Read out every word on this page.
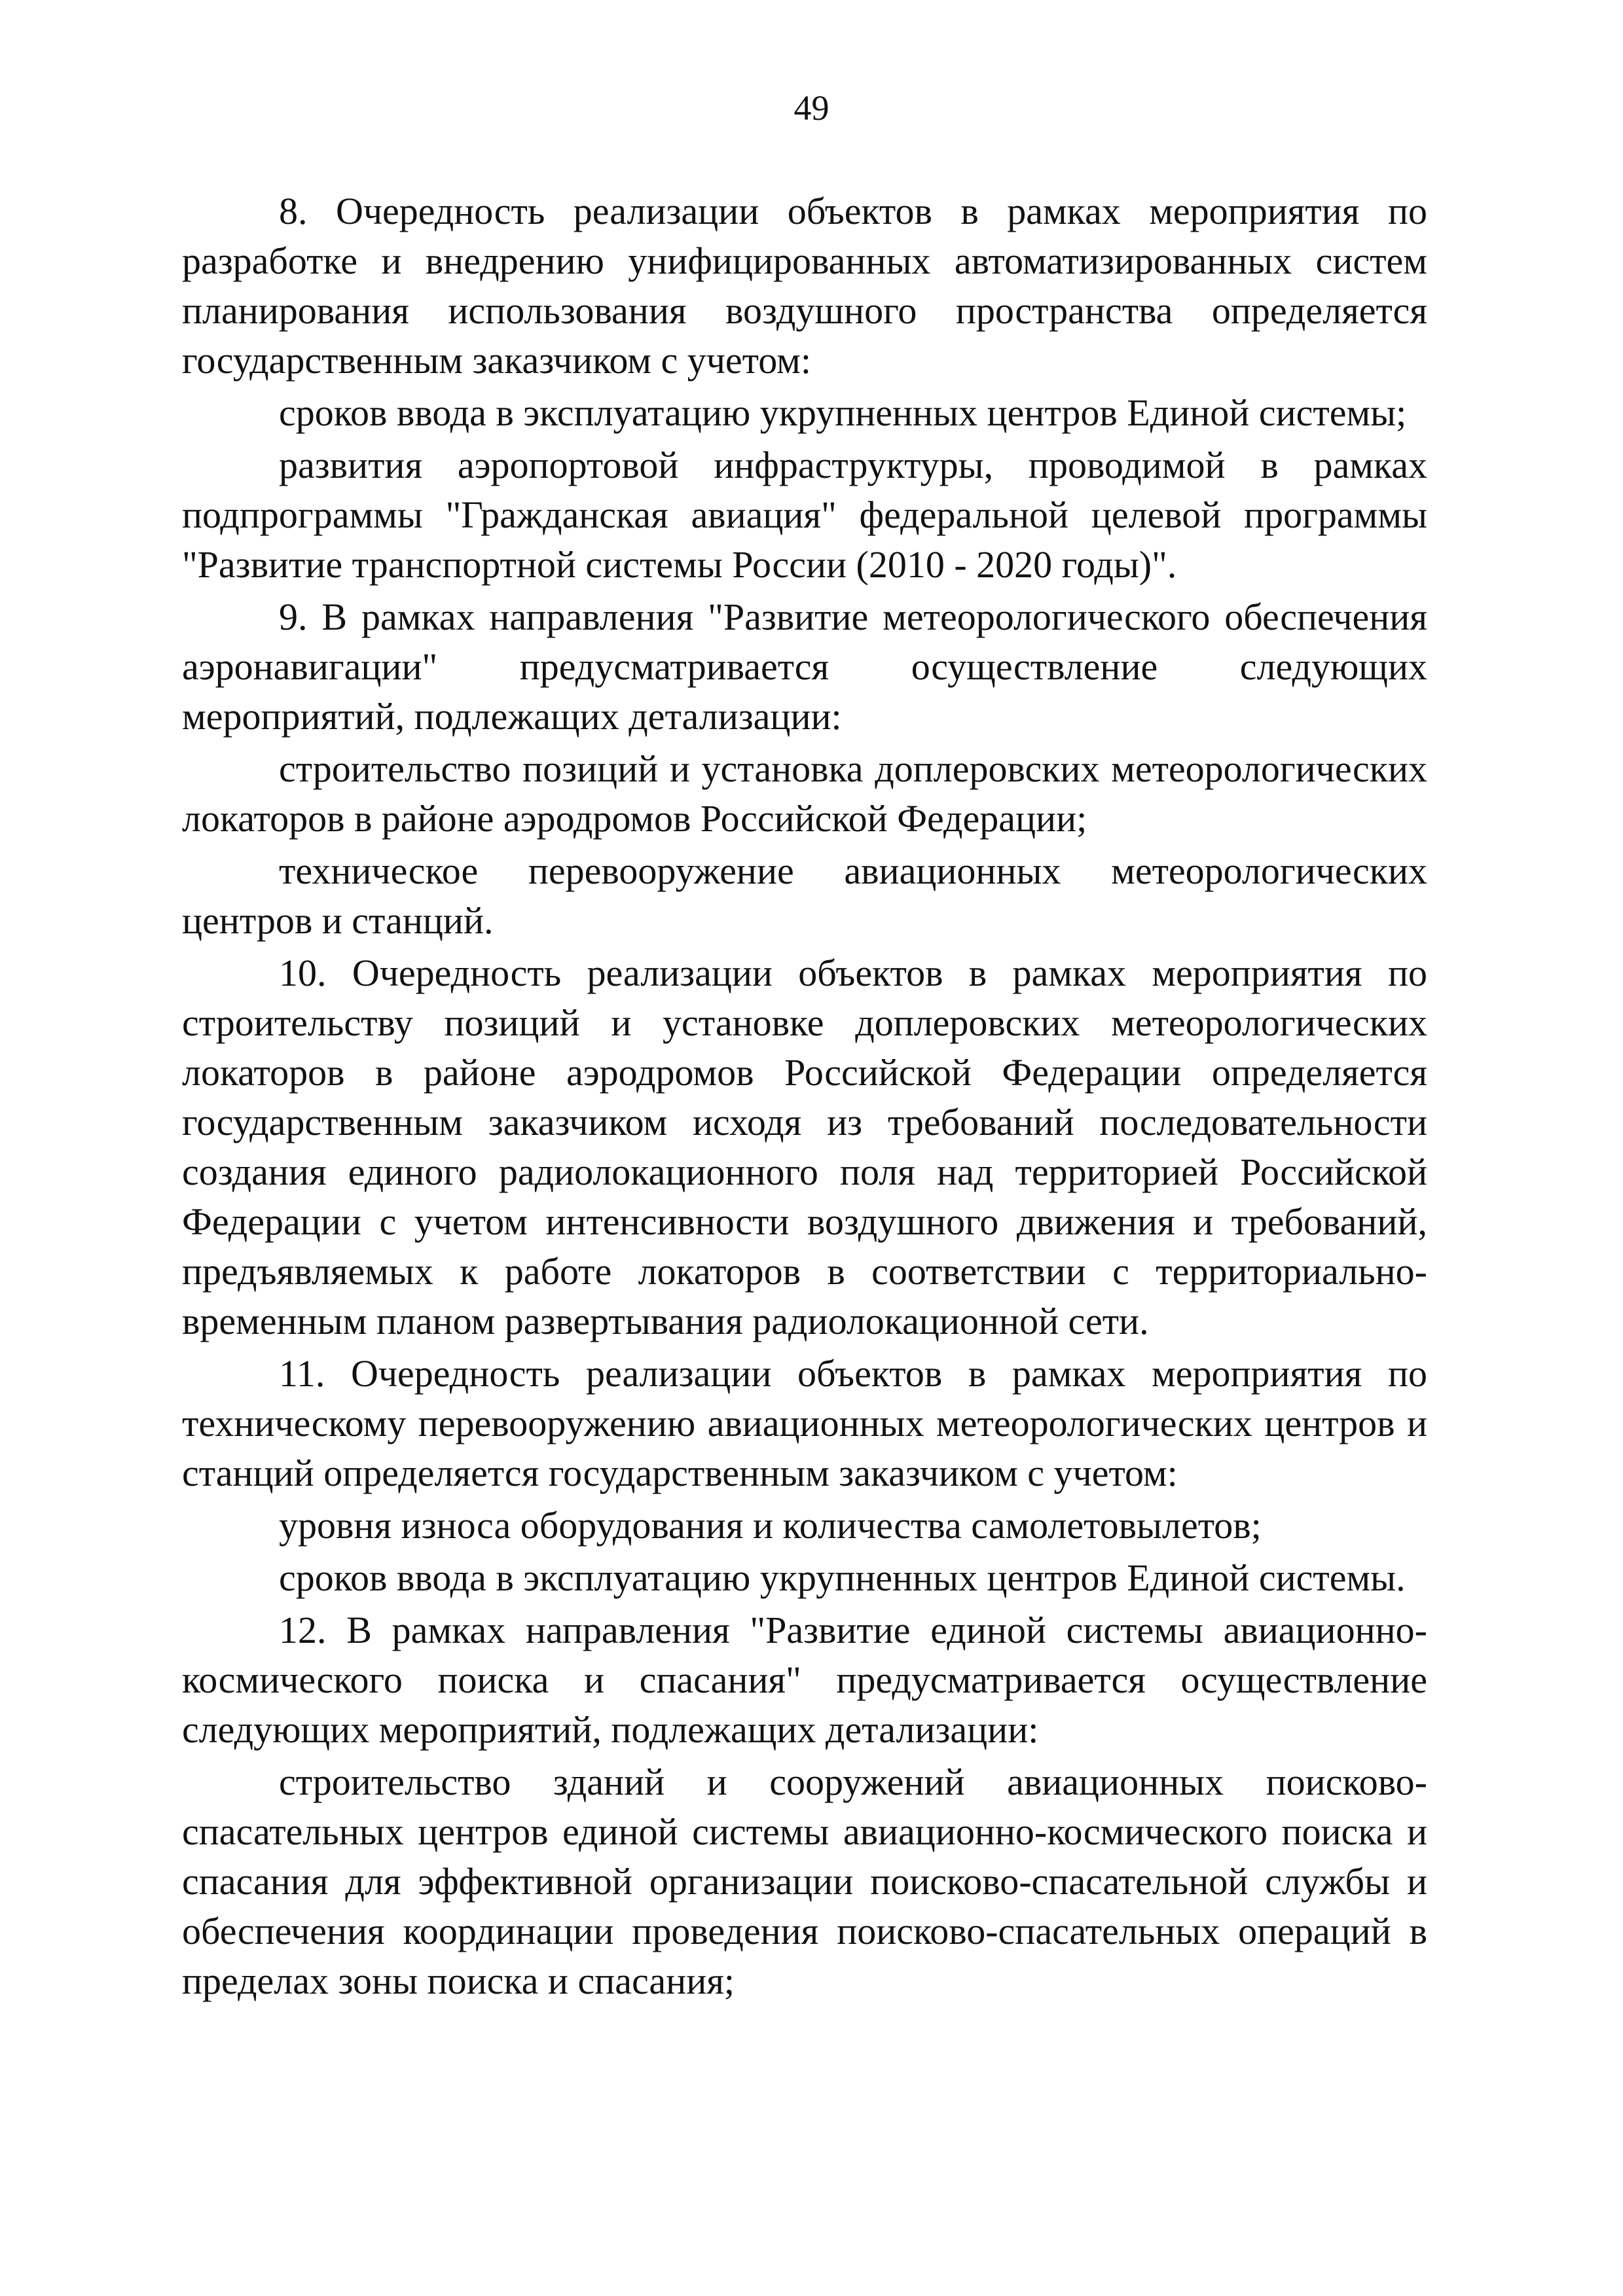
49

8. Очередность реализации объектов в рамках мероприятия по разработке и внедрению унифицированных автоматизированных систем планирования использования воздушного пространства определяется государственным заказчиком с учетом:

сроков ввода в эксплуатацию укрупненных центров Единой системы;

развития аэропортовой инфраструктуры, проводимой в рамках подпрограммы "Гражданская авиация" федеральной целевой программы "Развитие транспортной системы России (2010 - 2020 годы)".

9. В рамках направления "Развитие метеорологического обеспечения аэронавигации" предусматривается осуществление следующих мероприятий, подлежащих детализации:

строительство позиций и установка доплеровских метеорологических локаторов в районе аэродромов Российской Федерации;

техническое перевооружение авиационных метеорологических центров и станций.

10. Очередность реализации объектов в рамках мероприятия по строительству позиций и установке доплеровских метеорологических локаторов в районе аэродромов Российской Федерации определяется государственным заказчиком исходя из требований последовательности создания единого радиолокационного поля над территорией Российской Федерации с учетом интенсивности воздушного движения и требований, предъявляемых к работе локаторов в соответствии с территориально-временным планом развертывания радиолокационной сети.

11. Очередность реализации объектов в рамках мероприятия по техническому перевооружению авиационных метеорологических центров и станций определяется государственным заказчиком с учетом:

уровня износа оборудования и количества самолетовылетов;

сроков ввода в эксплуатацию укрупненных центров Единой системы.

12. В рамках направления "Развитие единой системы авиационно-космического поиска и спасания" предусматривается осуществление следующих мероприятий, подлежащих детализации:

строительство зданий и сооружений авиационных поисково-спасательных центров единой системы авиационно-космического поиска и спасания для эффективной организации поисково-спасательной службы и обеспечения координации проведения поисково-спасательных операций в пределах зоны поиска и спасания;
